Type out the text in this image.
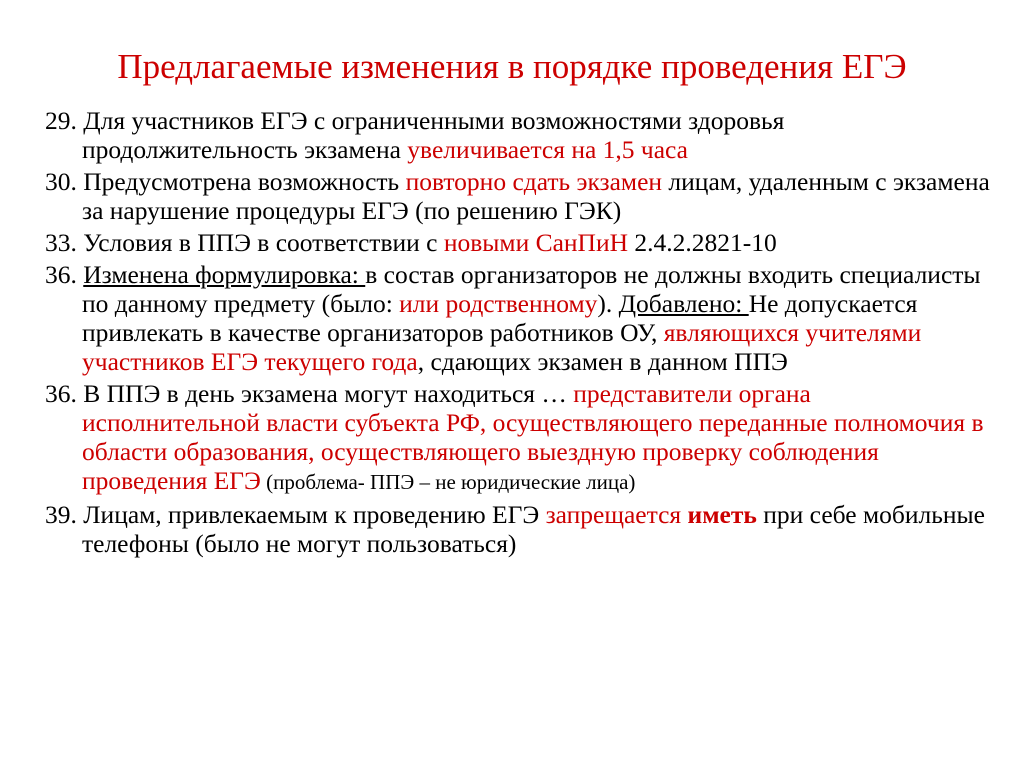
Предлагаемые изменения в порядке проведения ЕГЭ
29. Для участников ЕГЭ с ограниченными возможностями здоровья продолжительность экзамена увеличивается на 1,5 часа
30. Предусмотрена возможность повторно сдать экзамен лицам, удаленным с экзамена за нарушение процедуры ЕГЭ (по решению ГЭК)
33. Условия в ППЭ в соответствии с новыми СанПиН 2.4.2.2821-10
36. Изменена формулировка: в состав организаторов не должны входить специалисты по данному предмету (было: или родственному). Добавлено: Не допускается привлекать в качестве организаторов работников ОУ, являющихся учителями участников ЕГЭ текущего года, сдающих экзамен в данном ППЭ
36. В ППЭ в день экзамена могут находиться … представители органа исполнительной власти субъекта РФ, осуществляющего переданные полномочия в области образования, осуществляющего выездную проверку соблюдения проведения ЕГЭ (проблема- ППЭ – не юридические лица)
39. Лицам, привлекаемым к проведению ЕГЭ запрещается иметь при себе мобильные телефоны (было не могут пользоваться)
